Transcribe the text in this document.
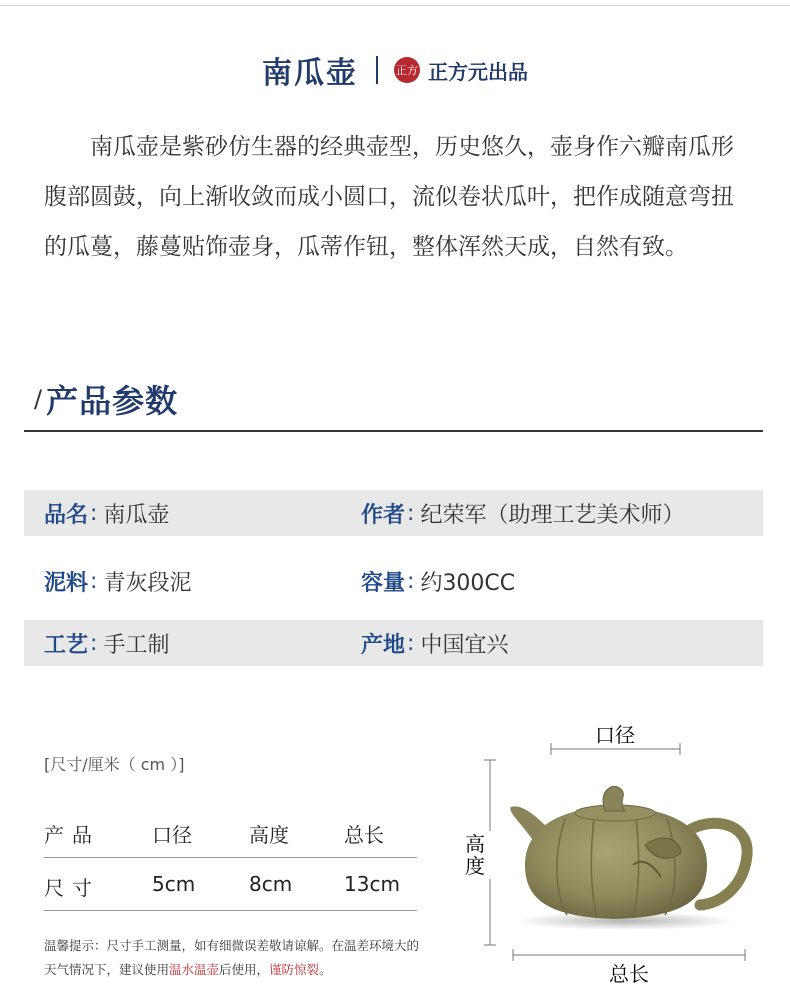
南瓜壶	正方 正方元出品

南瓜壶是紫砂仿生器的经典壶型，历史悠久，壶身作六瓣南瓜形腹部圆鼓，向上渐收敛而成小圆口，流似卷状瓜叶，把作成随意弯扭的瓜蔓，藤蔓贴饰壶身，瓜蒂作钮，整体浑然天成，自然有致。

/ 产品参数
品名 : 南瓜壶	作者 : 纪荣军（助理工艺美术师）
泥料 : 青灰段泥	容量 : 约300CC
工艺 : 手工制	产地 : 中国宜兴
[尺寸/厘米（ cm ）]
产品	口径	高度	总长
尺寸	5cm	8cm	13cm

温馨提示：尺寸手工测量，如有细微误差敬请谅解。在温差环境大的天气情况下，建议使用温水温壶后使用，谨防惊裂。

口径
高
度
总长
